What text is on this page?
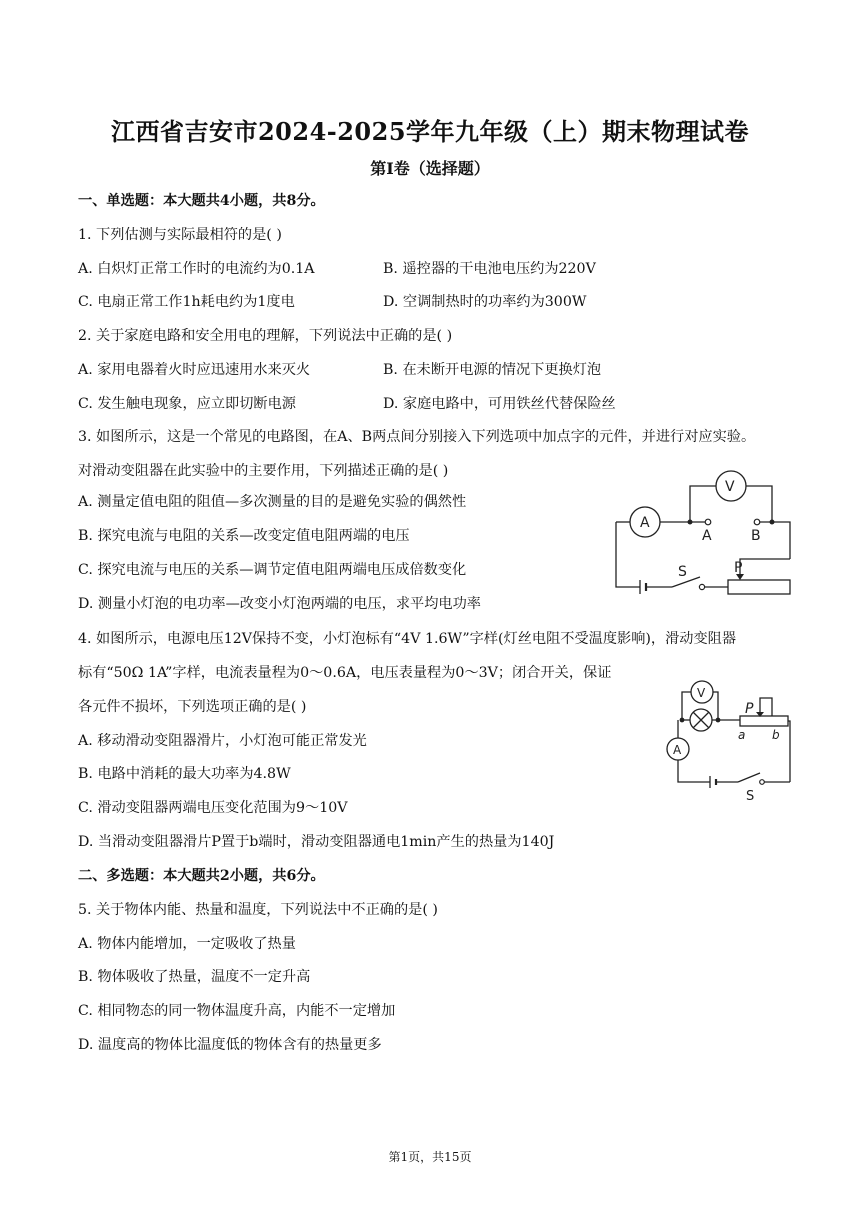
江西省吉安市2024-2025学年九年级（上）期末物理试卷
第I卷（选择题）
一、单选题：本大题共4小题，共8分。
1. 下列估测与实际最相符的是( )
A. 白炽灯正常工作时的电流约为0.1A	B. 遥控器的干电池电压约为220V
C. 电扇正常工作1h耗电约为1度电	D. 空调制热时的功率约为300W
2. 关于家庭电路和安全用电的理解，下列说法中正确的是( )
A. 家用电器着火时应迅速用水来灭火	B. 在未断开电源的情况下更换灯泡
C. 发生触电现象，应立即切断电源	D. 家庭电路中，可用铁丝代替保险丝
3. 如图所示，这是一个常见的电路图，在A、B两点间分别接入下列选项中加点字的元件，并进行对应实验。
对滑动变阻器在此实验中的主要作用，下列描述正确的是( )
A. 测量定值电阻的阻值—多次测量的目的是避免实验的偶然性
B. 探究电流与电阻的关系—改变定值电阻两端的电压
C. 探究电流与电压的关系—调节定值电阻两端电压成倍数变化
D. 测量小灯泡的电功率—改变小灯泡两端的电压，求平均电功率
A
V
A	B
S	P
4. 如图所示，电源电压12V保持不变，小灯泡标有“4V 1.6W”字样(灯丝电阻不受温度影响)，滑动变阻器
标有“50Ω 1A”字样，电流表量程为0～0.6A，电压表量程为0～3V；闭合开关，保证
各元件不损坏，下列选项正确的是( )
A. 移动滑动变阻器滑片，小灯泡可能正常发光
B. 电路中消耗的最大功率为4.8W
C. 滑动变阻器两端电压变化范围为9～10V
D. 当滑动变阻器滑片P置于b端时，滑动变阻器通电1min产生的热量为140J
V
A
P
a b
S
二、多选题：本大题共2小题，共6分。
5. 关于物体内能、热量和温度，下列说法中不正确的是( )
A. 物体内能增加，一定吸收了热量
B. 物体吸收了热量，温度不一定升高
C. 相同物态的同一物体温度升高，内能不一定增加
D. 温度高的物体比温度低的物体含有的热量更多
第1页，共15页
